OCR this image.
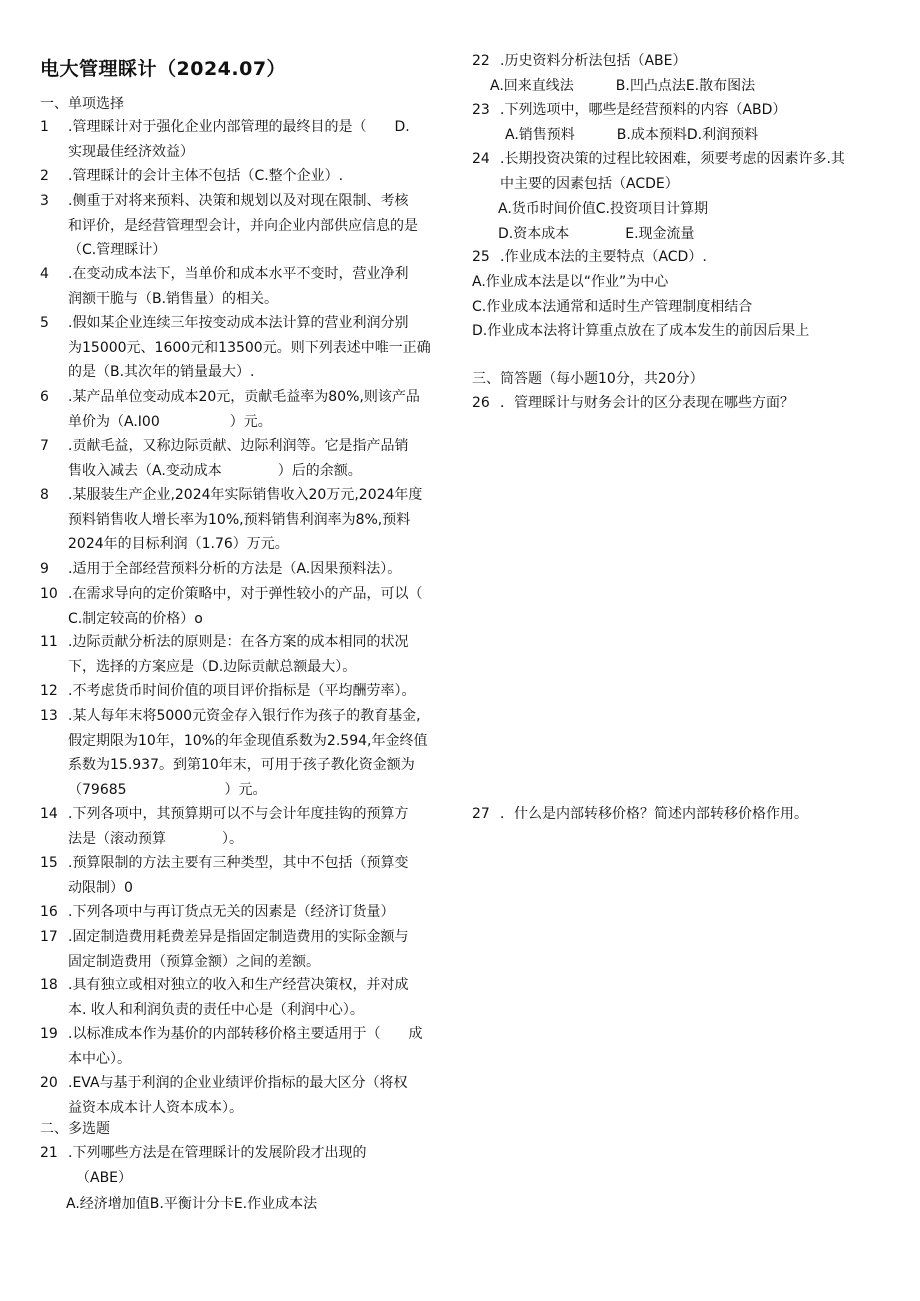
电大管理睬计（2024.07）
一、单项选择
1	.管理睬计对于强化企业内部管理的最终目的是（　　D.
实现最佳经济效益）
2	.管理睬计的会计主体不包括（C.整个企业）.
3	.侧重于对将来预料、决策和规划以及对现在限制、考核
和评价，是经营管理型会计，并向企业内部供应信息的是
（C.管理睬计）
4	.在变动成本法下，当单价和成本水平不变时，营业净利
润额干脆与（B.销售量）的相关。
5	.假如某企业连续三年按变动成本法计算的营业利润分别
为15000元、1600元和13500元。则下列表述中唯一正确
的是（B.其次年的销量最大）.
6	.某产品单位变动成本20元，贡献毛益率为80%,则该产品
单价为（A.I00　　　　　）元。
7	.贡献毛益，又称边际贡献、边际利润等。它是指产品销
售收入减去（A.变动成本　　　　）后的余额。
8	.某服装生产企业,2024年实际销售收入20万元,2024年度
预料销售收人增长率为10%,预料销售利润率为8%,预料
2024年的目标利润（1.76）万元。
9	.适用于全部经营预料分析的方法是（A.因果预料法）。
10 .在需求导向的定价策略中，对于弹性较小的产品，可以（
C.制定较高的价格）o
11 .边际贡献分析法的原则是：在各方案的成本相同的状况
下，选择的方案应是（D.边际贡献总额最大）。
12 .不考虑货币时间价值的项目评价指标是（平均酬劳率）。
13 .某人每年末将5000元资金存入银行作为孩子的教育基金,
假定期限为10年，10%的年金现值系数为2.594,年金终值
系数为15.937。到第10年末，可用于孩子教化资金额为
（79685　　　　　　　）元。
14 .下列各项中，其预算期可以不与会计年度挂钩的预算方
法是（滚动预算　　　　）。
15 .预算限制的方法主要有三种类型，其中不包括（预算变
动限制）0
16 .下列各项中与再订货点无关的因素是（经济订货量）
17 .固定制造费用耗费差异是指固定制造费用的实际金额与
固定制造费用（预算金额）之间的差额。
18 .具有独立或相对独立的收入和生产经营决策权，并对成
本. 收人和利润负责的责任中心是（利润中心）。
19 .以标准成本作为基价的内部转移价格主要适用于（　　成
本中心）。
20 .EVA与基于利润的企业业绩评价指标的最大区分（将权
益资本成本计人资本成本）。
二、多选题
21 .下列哪些方法是在管理睬计的发展阶段才出现的
（ABE）
A.经济增加值B.平衡计分卡E.作业成本法
22 .历史资料分析法包括（ABE）
A.回来直线法　　　B.凹凸点法E.散布图法
23 .下列选项中，哪些是经营预料的内容（ABD）
A.销售预料　　　B.成本预料D.利润预料
24 .长期投资决策的过程比较困难，须要考虑的因素许多.其
中主要的因素包括（ACDE）
A.货币时间价值C.投资项目计算期
D.资本成本　　　　E.现金流量
25 .作业成本法的主要特点（ACD）.
A.作业成本法是以“作业”为中心
C.作业成本法通常和适时生产管理制度相结合
D.作业成本法将计算重点放在了成本发生的前因后果上
三、筒答题（每小题10分，共20分）
26 ．管理睬计与财务会计的区分表现在哪些方面？
27 ．什么是内部转移价格？简述内部转移价格作用。
